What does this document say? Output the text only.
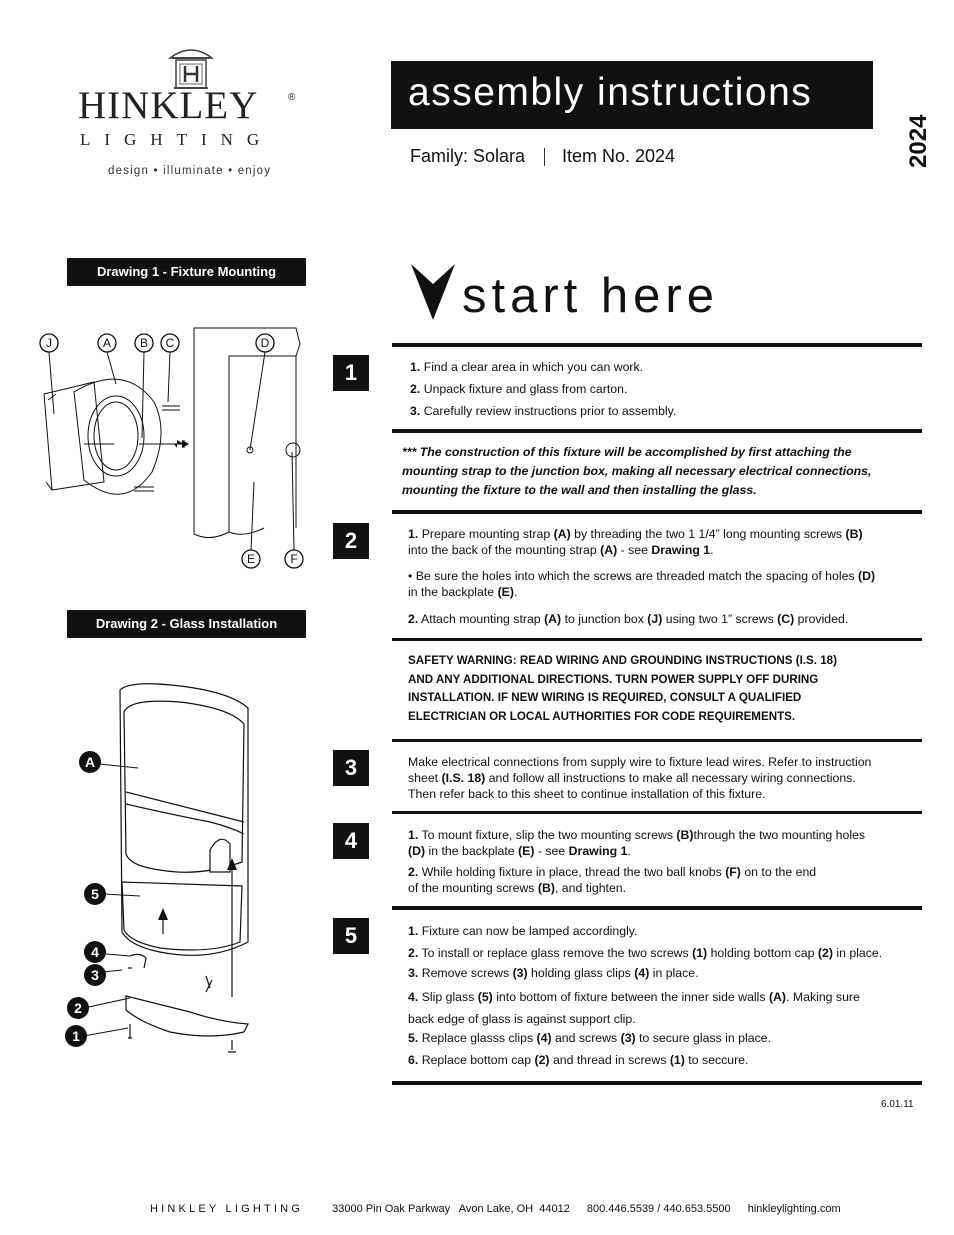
HINKLEY	®
LIGHTING
design • illuminate • enjoy
assembly instructions
2024
Family: Solara Item No. 2024
Drawing 1 - Fixture Mounting
Drawing 2 - Glass Installation
J	A B C	D
E	F
A
5
4
3
2
1
start here
1
2
3
4
5
1. Find a clear area in which you can work.
2. Unpack fixture and glass from carton.
3. Carefully review instructions prior to assembly.
*** The construction of this fixture will be accomplished by first attaching the
mounting strap to the junction box, making all necessary electrical connections,
mounting the fixture to the wall and then installing the glass.
1. Prepare mounting strap (A) by threading the two 1 1/4” long mounting screws (B)
into the back of the mounting strap (A) - see Drawing 1.
• Be sure the holes into which the screws are threaded match the spacing of holes (D)
in the backplate (E).
2. Attach mounting strap (A) to junction box (J) using two 1” screws (C) provided.
SAFETY WARNING: READ WIRING AND GROUNDING INSTRUCTIONS (I.S. 18)
AND ANY ADDITIONAL DIRECTIONS. TURN POWER SUPPLY OFF DURING
INSTALLATION. IF NEW WIRING IS REQUIRED, CONSULT A QUALIFIED
ELECTRICIAN OR LOCAL AUTHORITIES FOR CODE REQUIREMENTS.
Make electrical connections from supply wire to fixture lead wires. Refer to instruction
sheet (I.S. 18) and follow all instructions to make all necessary wiring connections.
Then refer back to this sheet to continue installation of this fixture.
1. To mount fixture, slip the two mounting screws (B)through the two mounting holes
(D) in the backplate (E) - see Drawing 1.
2. While holding fixture in place, thread the two ball knobs (F) on to the end
of the mounting screws (B), and tighten.
1. Fixture can now be lamped accordingly.
2. To install or replace glass remove the two screws (1) holding bottom cap (2) in place.
3. Remove screws (3) holding glass clips (4) in place.
4. Slip glass (5) into bottom of fixture between the inner side walls (A). Making sure
back edge of glass is against support clip.
5. Replace glasss clips (4) and screws (3) to secure glass in place.
6. Replace bottom cap (2) and thread in screws (1) to seccure.
6.01.11
HINKLEY LIGHTING	33000 Pin Oak Parkway   Avon Lake, OH  44012 800.446.5539 / 440.653.5500 hinkleylighting.com
